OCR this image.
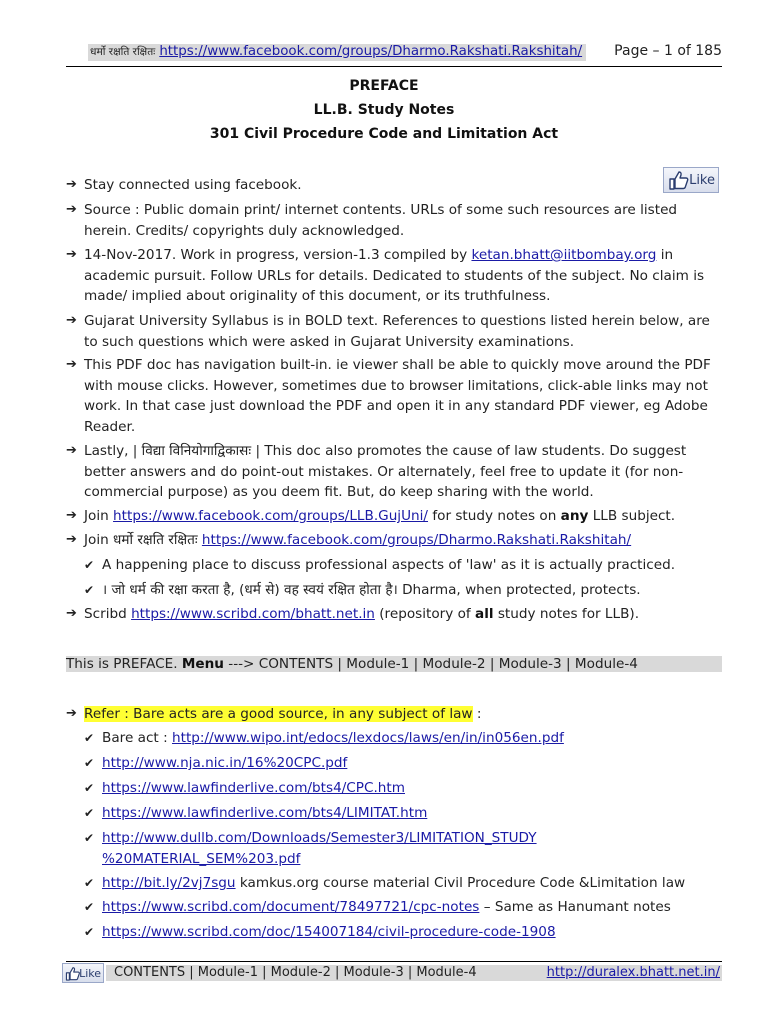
धर्मो रक्षति रक्षितः https://www.facebook.com/groups/Dharmo.Rakshati.Rakshitah/ Page – 1 of 185
PREFACE
LL.B. Study Notes
301 Civil Procedure Code and Limitation Act
Like
➔ Stay connected using facebook.
➔ Source : Public domain print/ internet contents. URLs of some such resources are listed herein. Credits/ copyrights duly acknowledged.
➔ 14-Nov-2017. Work in progress, version-1.3 compiled by ketan.bhatt@iitbombay.org in academic pursuit. Follow URLs for details. Dedicated to students of the subject. No claim is made/ implied about originality of this document, or its truthfulness.
➔ Gujarat University Syllabus is in BOLD text. References to questions listed herein below, are to such questions which were asked in Gujarat University examinations.
➔ This PDF doc has navigation built-in. ie viewer shall be able to quickly move around the PDF with mouse clicks. However, sometimes due to browser limitations, click-able links may not work. In that case just download the PDF and open it in any standard PDF viewer, eg Adobe Reader.
➔ Lastly, | विद्या विनियोगाद्विकासः | This doc also promotes the cause of law students. Do suggest better answers and do point-out mistakes. Or alternately, feel free to update it (for non-commercial purpose) as you deem fit. But, do keep sharing with the world.
➔ Join https://www.facebook.com/groups/LLB.GujUni/ for study notes on any LLB subject.
➔ Join धर्मो रक्षति रक्षितः https://www.facebook.com/groups/Dharmo.Rakshati.Rakshitah/
✔ A happening place to discuss professional aspects of 'law' as it is actually practiced.
✔ । जो धर्म की रक्षा करता है, (धर्म से) वह स्वयं रक्षित होता है। Dharma, when protected, protects.
➔ Scribd https://www.scribd.com/bhatt.net.in (repository of all study notes for LLB).
This is PREFACE. Menu ---> CONTENTS | Module-1 | Module-2 | Module-3 | Module-4
➔ Refer : Bare acts are a good source, in any subject of law :
✔ Bare act : http://www.wipo.int/edocs/lexdocs/laws/en/in/in056en.pdf
✔ http://www.nja.nic.in/16%20CPC.pdf
✔ https://www.lawfinderlive.com/bts4/CPC.htm
✔ https://www.lawfinderlive.com/bts4/LIMITAT.htm
✔ http://www.dullb.com/Downloads/Semester3/LIMITATION_STUDY
%20MATERIAL_SEM%203.pdf
✔ http://bit.ly/2vj7sgu kamkus.org course material Civil Procedure Code &Limitation law
✔ https://www.scribd.com/document/78497721/cpc-notes – Same as Hanumant notes
✔ https://www.scribd.com/doc/154007184/civil-procedure-code-1908
Like CONTENTS | Module-1 | Module-2 | Module-3 | Module-4	http://duralex.bhatt.net.in/
